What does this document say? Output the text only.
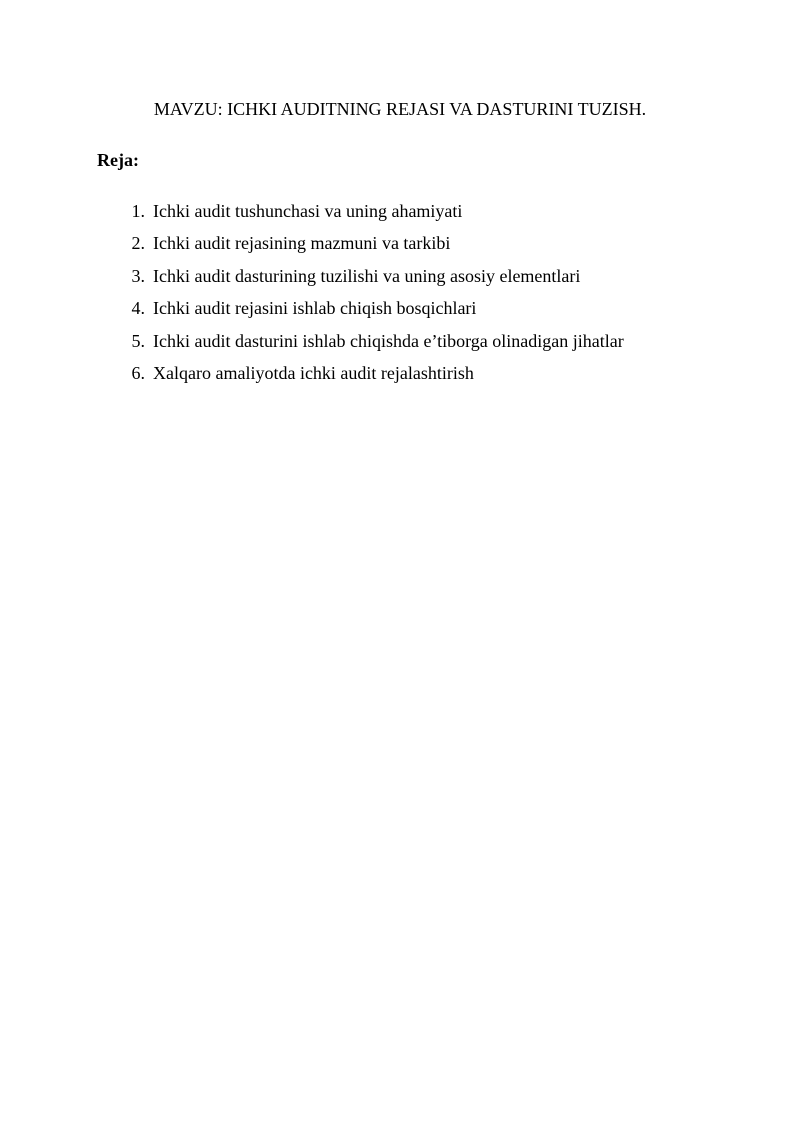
MAVZU: ICHKI AUDITNING REJASI VA DASTURINI TUZISH.
Reja:
1 . Ichki audit tushunchasi va uning ahamiyati
2 . Ichki audit rejasining mazmuni va tarkibi
3 . Ichki audit dasturining tuzilishi va uning asosiy elementlari
4 . Ichki audit rejasini ishlab chiqish bosqichlari
5 . Ichki audit dasturini ishlab chiqishda e’tiborga olinadigan jihatlar
6 . Xalqaro amaliyotda ichki audit rejalashtirish
